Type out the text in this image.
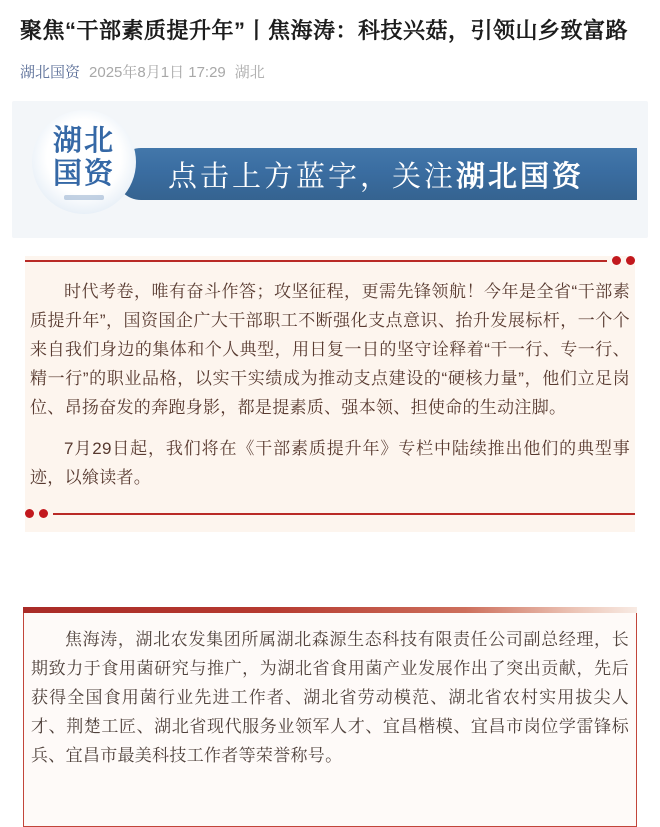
聚焦“干部素质提升年”丨焦海涛：科技兴菇，引领山乡致富路
湖北国资 2025年8月1日 17:29 湖北
湖北
国资 点击上方蓝字，关注 湖北国资

时代考卷，唯有奋斗作答；攻坚征程，更需先锋领航！今年是全省“干部素质提升年”，国资国企广大干部职工不断强化支点意识、抬升发展标杆，一个个来自我们身边的集体和个人典型，用日复一日的坚守诠释着“干一行、专一行、精一行”的职业品格，以实干实绩成为推动支点建设的“硬核力量”，他们立足岗位、昂扬奋发的奔跑身影，都是提素质、强本领、担使命的生动注脚。

7月29日起，我们将在《干部素质提升年》专栏中陆续推出他们的典型事迹，以飨读者。

焦海涛，湖北农发集团所属湖北森源生态科技有限责任公司副总经理，长期致力于食用菌研究与推广，为湖北省食用菌产业发展作出了突出贡献，先后获得全国食用菌行业先进工作者、湖北省劳动模范、湖北省农村实用拔尖人才、荆楚工匠、湖北省现代服务业领军人才、宜昌楷模、宜昌市岗位学雷锋标兵、宜昌市最美科技工作者等荣誉称号。
